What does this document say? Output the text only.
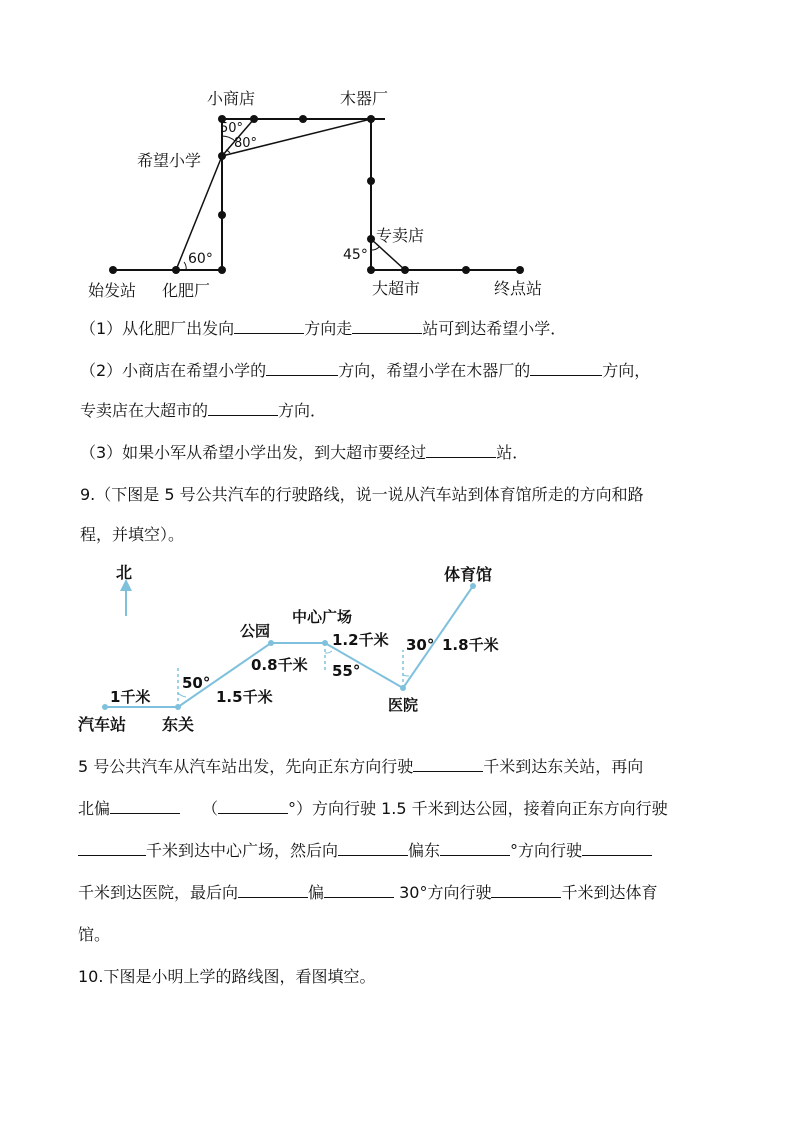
小商店	木器厂
希望小学
专卖店
始发站 化肥厂	大超市	终点站
50°
80°
60°	45°
（1）从化肥厂出发向	方向走	站可到达希望小学．
（2）小商店在希望小学的	方向，希望小学在木器厂的	方向，
专卖店在大超市的	方向．
（3）如果小军从希望小学出发，到大超市要经过	站．
9.（下图是 5 号公共汽车的行驶路线，说一说从汽车站到体育馆所走的方向和路
程，并填空）。
北
汽车站 东关
公园
中心广场
医院
体育馆
1千米	1.5千米
0.8千米
1.2千米	1.8千米
50°
55°
30°
5 号公共汽车从汽车站出发，先向正东方向行驶	千米到达东关站，再向
北偏	（	°）方向行驶 1.5 千米到达公园，接着向正东方向行驶
千米到达中心广场，然后向	偏东	°方向行驶
千米到达医院，最后向	偏	30°方向行驶	千米到达体育
馆。
10.下图是小明上学的路线图，看图填空。
